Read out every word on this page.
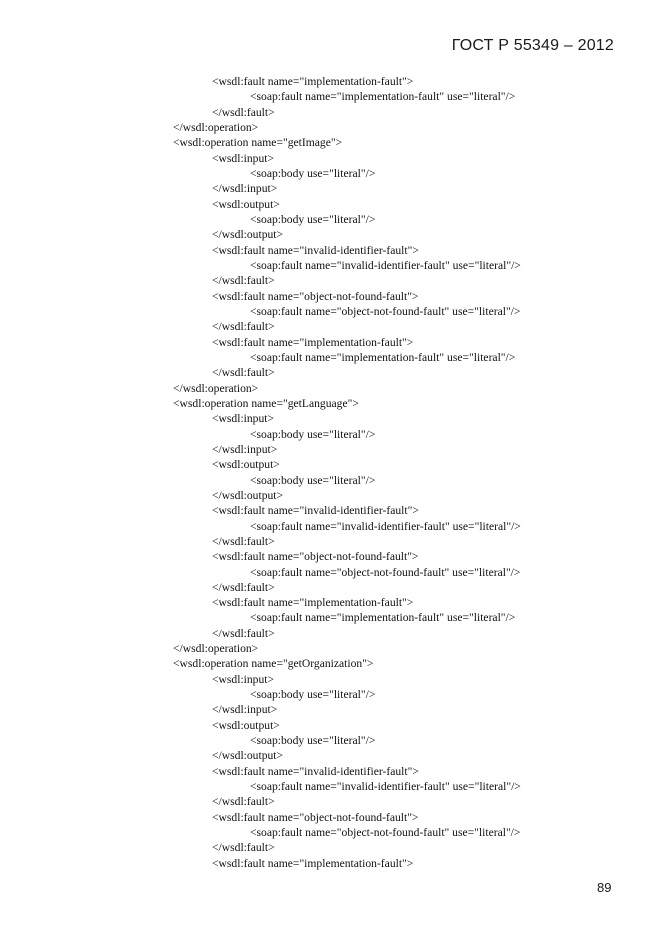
ГОСТ Р 55349 – 2012
<wsdl:fault name="implementation-fault">
<soap:fault name="implementation-fault" use="literal"/>
</wsdl:fault>
</wsdl:operation>
<wsdl:operation name="getImage">
<wsdl:input>
<soap:body use="literal"/>
</wsdl:input>
<wsdl:output>
<soap:body use="literal"/>
</wsdl:output>
<wsdl:fault name="invalid-identifier-fault">
<soap:fault name="invalid-identifier-fault" use="literal"/>
</wsdl:fault>
<wsdl:fault name="object-not-found-fault">
<soap:fault name="object-not-found-fault" use="literal"/>
</wsdl:fault>
<wsdl:fault name="implementation-fault">
<soap:fault name="implementation-fault" use="literal"/>
</wsdl:fault>
</wsdl:operation>
<wsdl:operation name="getLanguage">
<wsdl:input>
<soap:body use="literal"/>
</wsdl:input>
<wsdl:output>
<soap:body use="literal"/>
</wsdl:output>
<wsdl:fault name="invalid-identifier-fault">
<soap:fault name="invalid-identifier-fault" use="literal"/>
</wsdl:fault>
<wsdl:fault name="object-not-found-fault">
<soap:fault name="object-not-found-fault" use="literal"/>
</wsdl:fault>
<wsdl:fault name="implementation-fault">
<soap:fault name="implementation-fault" use="literal"/>
</wsdl:fault>
</wsdl:operation>
<wsdl:operation name="getOrganization">
<wsdl:input>
<soap:body use="literal"/>
</wsdl:input>
<wsdl:output>
<soap:body use="literal"/>
</wsdl:output>
<wsdl:fault name="invalid-identifier-fault">
<soap:fault name="invalid-identifier-fault" use="literal"/>
</wsdl:fault>
<wsdl:fault name="object-not-found-fault">
<soap:fault name="object-not-found-fault" use="literal"/>
</wsdl:fault>
<wsdl:fault name="implementation-fault">
89
